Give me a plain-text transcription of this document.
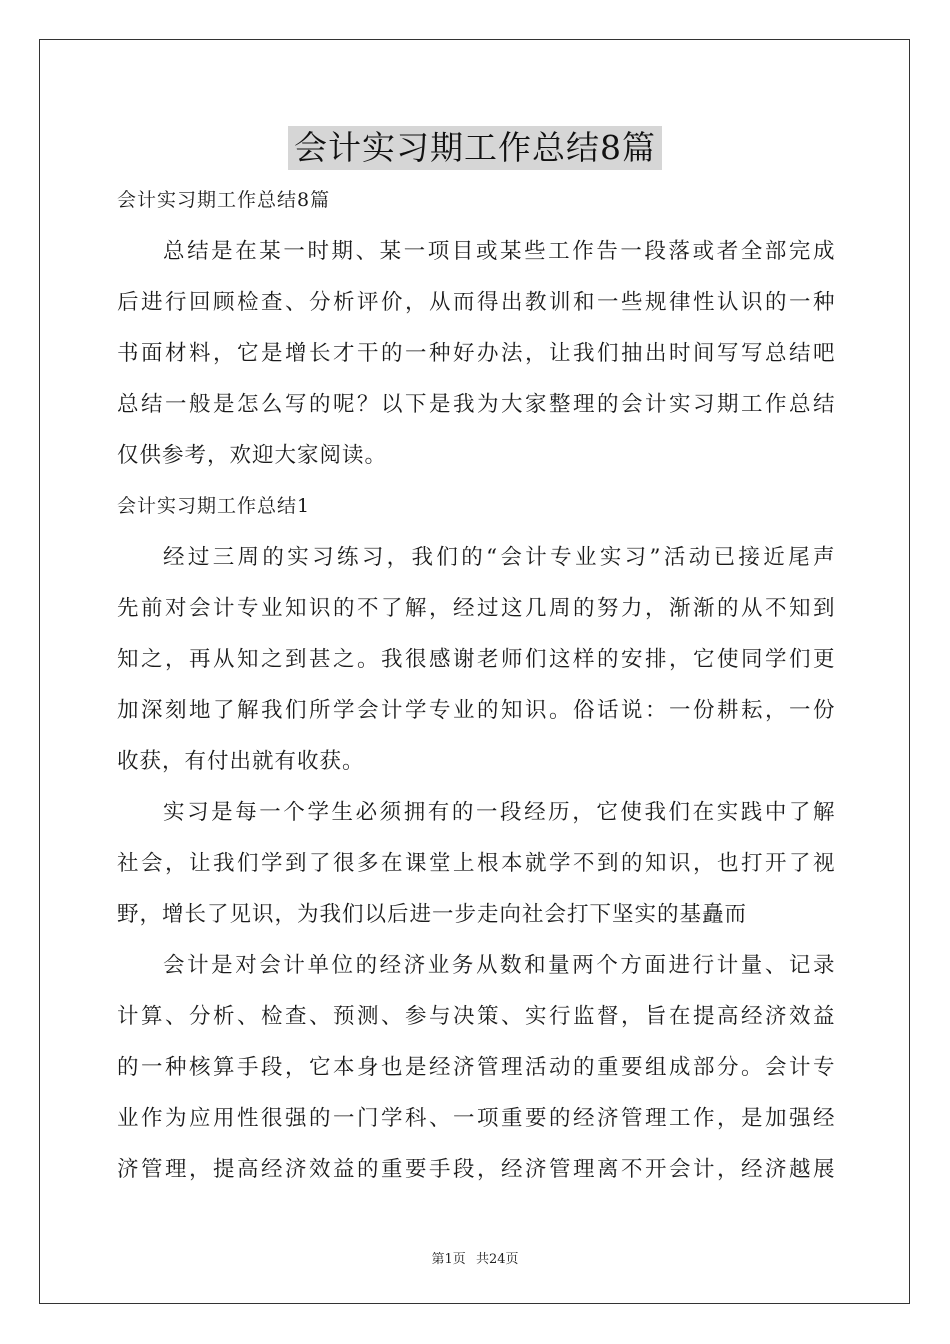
会计实习期工作总结8篇
会计实习期工作总结8篇
总结是在某一时期、某一项目或某些工作告一段落或者全部完成
后进行回顾检查、分析评价，从而得出教训和一些规律性认识的一种
书面材料，它是增长才干的一种好办法，让我们抽出时间写写总结吧
总结一般是怎么写的呢？以下是我为大家整理的会计实习期工作总结
仅供参考，欢迎大家阅读。
会计实习期工作总结1
经过三周的实习练习，我们的“会计专业实习”活动已接近尾声
先前对会计专业知识的不了解，经过这几周的努力，渐渐的从不知到
知之，再从知之到甚之。我很感谢老师们这样的安排，它使同学们更
加深刻地了解我们所学会计学专业的知识。俗话说：一份耕耘，一份
收获，有付出就有收获。
实习是每一个学生必须拥有的一段经历，它使我们在实践中了解
社会，让我们学到了很多在课堂上根本就学不到的知识，也打开了视
野，增长了见识，为我们以后进一步走向社会打下坚实的基矗而
会计是对会计单位的经济业务从数和量两个方面进行计量、记录
计算、分析、检查、预测、参与决策、实行监督，旨在提高经济效益
的一种核算手段，它本身也是经济管理活动的重要组成部分。会计专
业作为应用性很强的一门学科、一项重要的经济管理工作，是加强经
济管理，提高经济效益的重要手段，经济管理离不开会计，经济越展
第1页 共24页
